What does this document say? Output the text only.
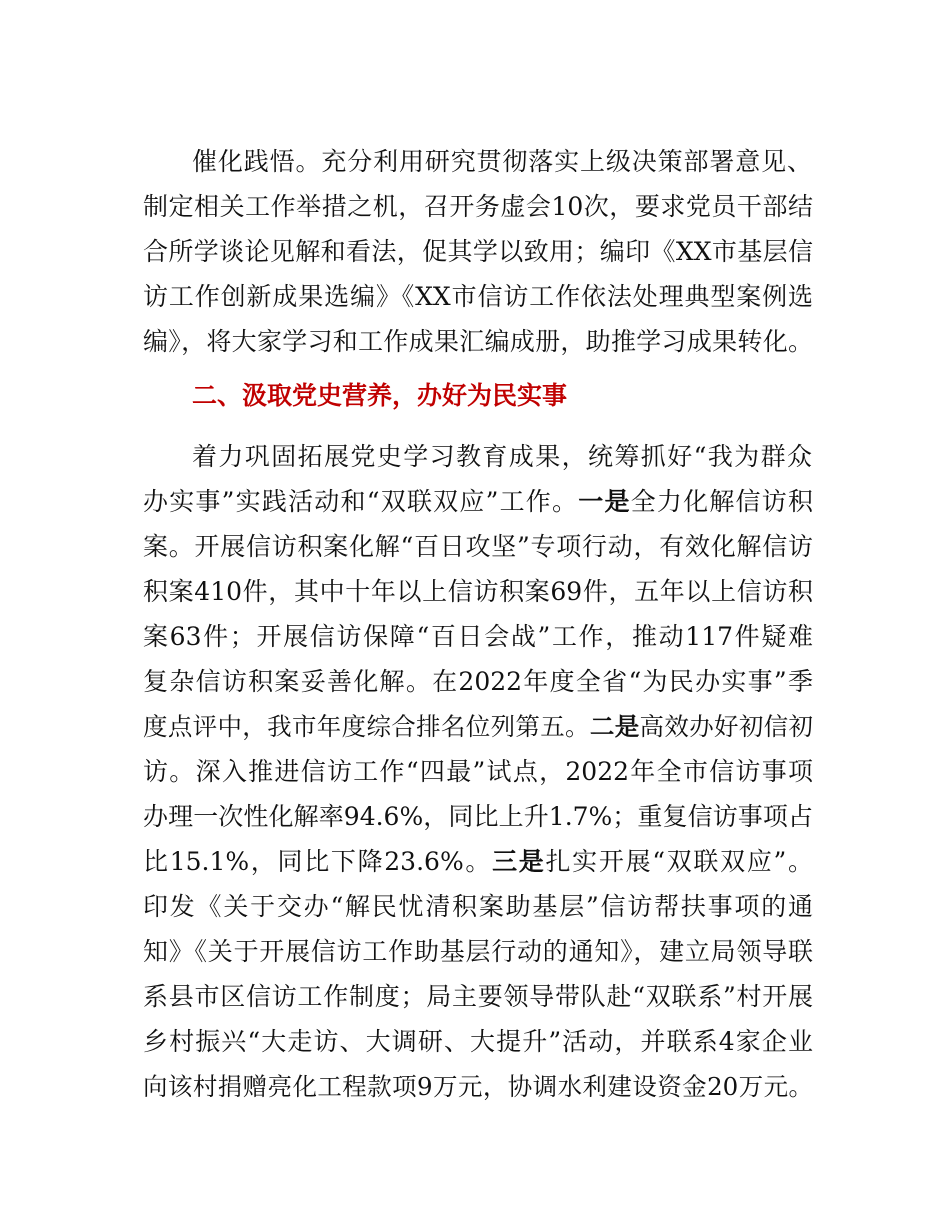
催化践悟。充分利用研究贯彻落实上级决策部署意见、
制定相关工作举措之机，召开务虚会10次，要求党员干部结
合所学谈论见解和看法，促其学以致用；编印《XX市基层信
访工作创新成果选编》《XX市信访工作依法处理典型案例选
编》，将大家学习和工作成果汇编成册，助推学习成果转化。
二、汲取党史营养，办好为民实事
着力巩固拓展党史学习教育成果，统筹抓好“我为群众
办实事”实践活动和“双联双应”工作。一是全力化解信访积
案。开展信访积案化解“百日攻坚”专项行动，有效化解信访
积案410件，其中十年以上信访积案69件，五年以上信访积
案63件；开展信访保障“百日会战”工作，推动117件疑难
复杂信访积案妥善化解。在2022年度全省“为民办实事”季
度点评中，我市年度综合排名位列第五。二是高效办好初信初
访。深入推进信访工作“四最”试点，2022年全市信访事项
办理一次性化解率94.6%，同比上升1.7%；重复信访事项占
比15.1%，同比下降23.6%。三是扎实开展“双联双应”。
印发《关于交办“解民忧清积案助基层”信访帮扶事项的通
知》《关于开展信访工作助基层行动的通知》，建立局领导联
系县市区信访工作制度；局主要领导带队赴“双联系”村开展
乡村振兴“大走访、大调研、大提升”活动，并联系4家企业
向该村捐赠亮化工程款项9万元，协调水利建设资金20万元。
